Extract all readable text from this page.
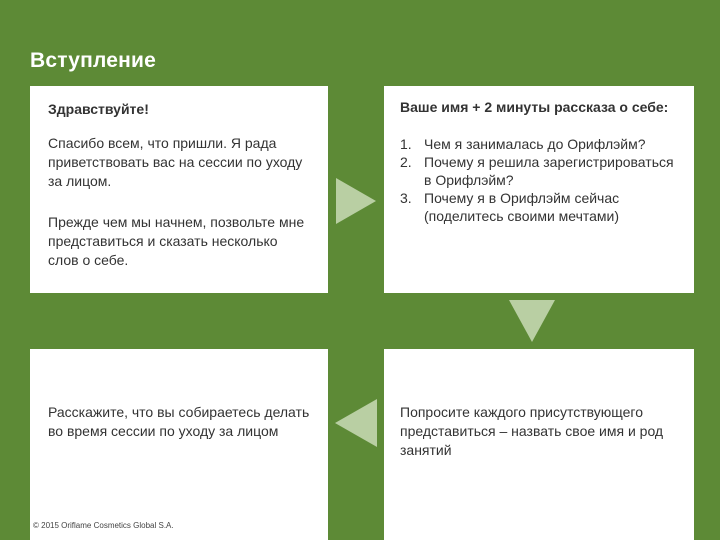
Вступление

Здравствуйте!

Спасибо всем, что пришли. Я рада приветствовать вас на сессии по уходу за лицом.

Прежде чем мы начнем, позвольте мне представиться и сказать несколько слов о себе.

Ваше имя + 2 минуты рассказа о себе:

1. Чем я занималась до Орифлэйм?
2. Почему я решила зарегистрироваться в Орифлэйм?
3. Почему я в Орифлэйм сейчас (поделитесь своими мечтами)

Попросите каждого присутствующего представиться – назвать свое имя и род занятий

Расскажите, что вы собираетесь делать во время сессии по уходу за лицом

© 2015 Oriflame Cosmetics Global S.A.
